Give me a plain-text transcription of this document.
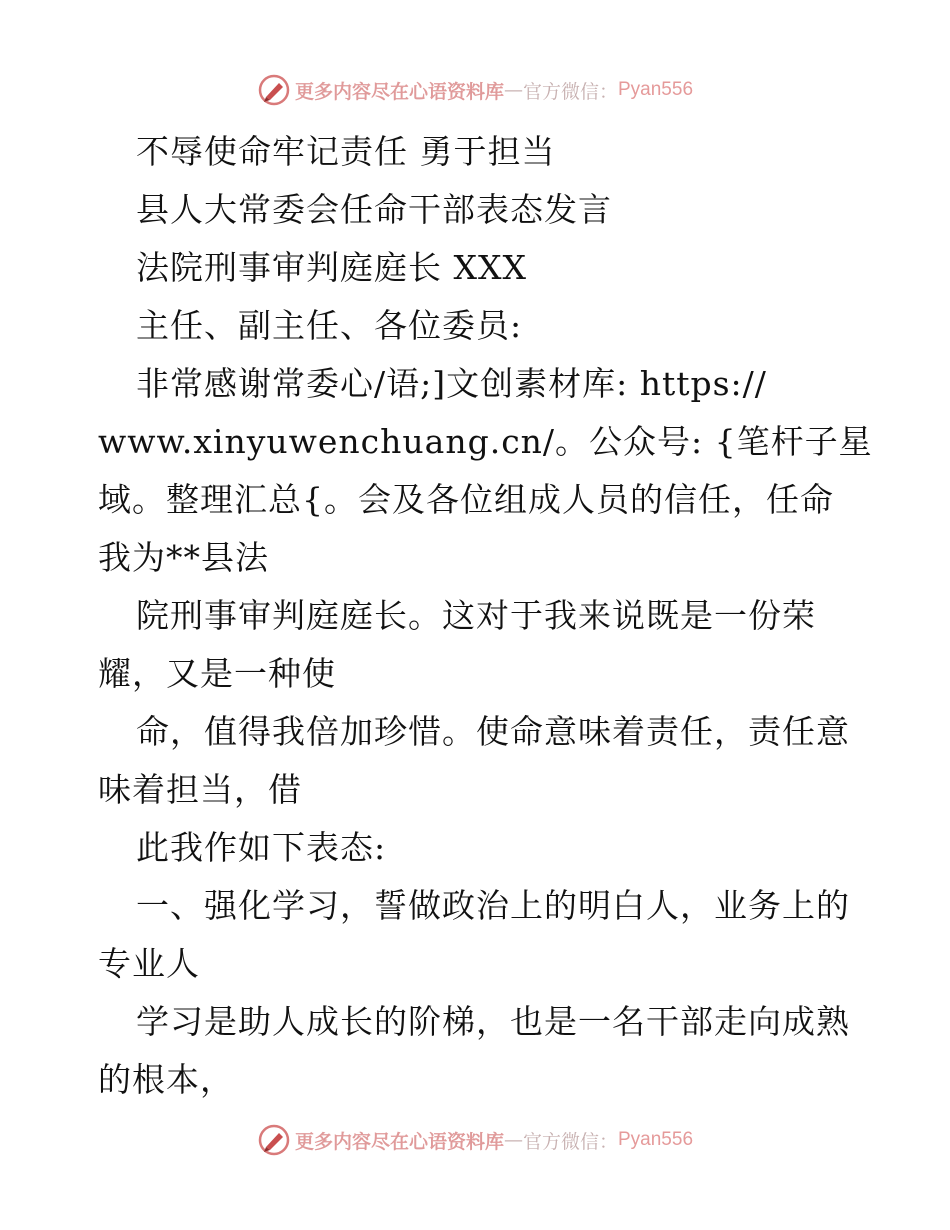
更多内容尽在心语资料库 — 官方微信： Pyan556
不辱使命牢记责任 勇于担当
县人大常委会任命干部表态发言
法院刑事审判庭庭长 XXX
主任、副主任、各位委员:
非常感谢常委心/语;]文创素材库: https://
www.xinyuwenchuang.cn/。公众号: {笔杆子星
域。整理汇总{。会及各位组成人员的信任，任命
我为**县法
院刑事审判庭庭长。这对于我来说既是一份荣
耀，又是一种使
命，值得我倍加珍惜。使命意味着责任，责任意
味着担当，借
此我作如下表态:
一、强化学习，誓做政治上的明白人，业务上的
专业人
学习是助人成长的阶梯，也是一名干部走向成熟
的根本，
更多内容尽在心语资料库 — 官方微信： Pyan556
